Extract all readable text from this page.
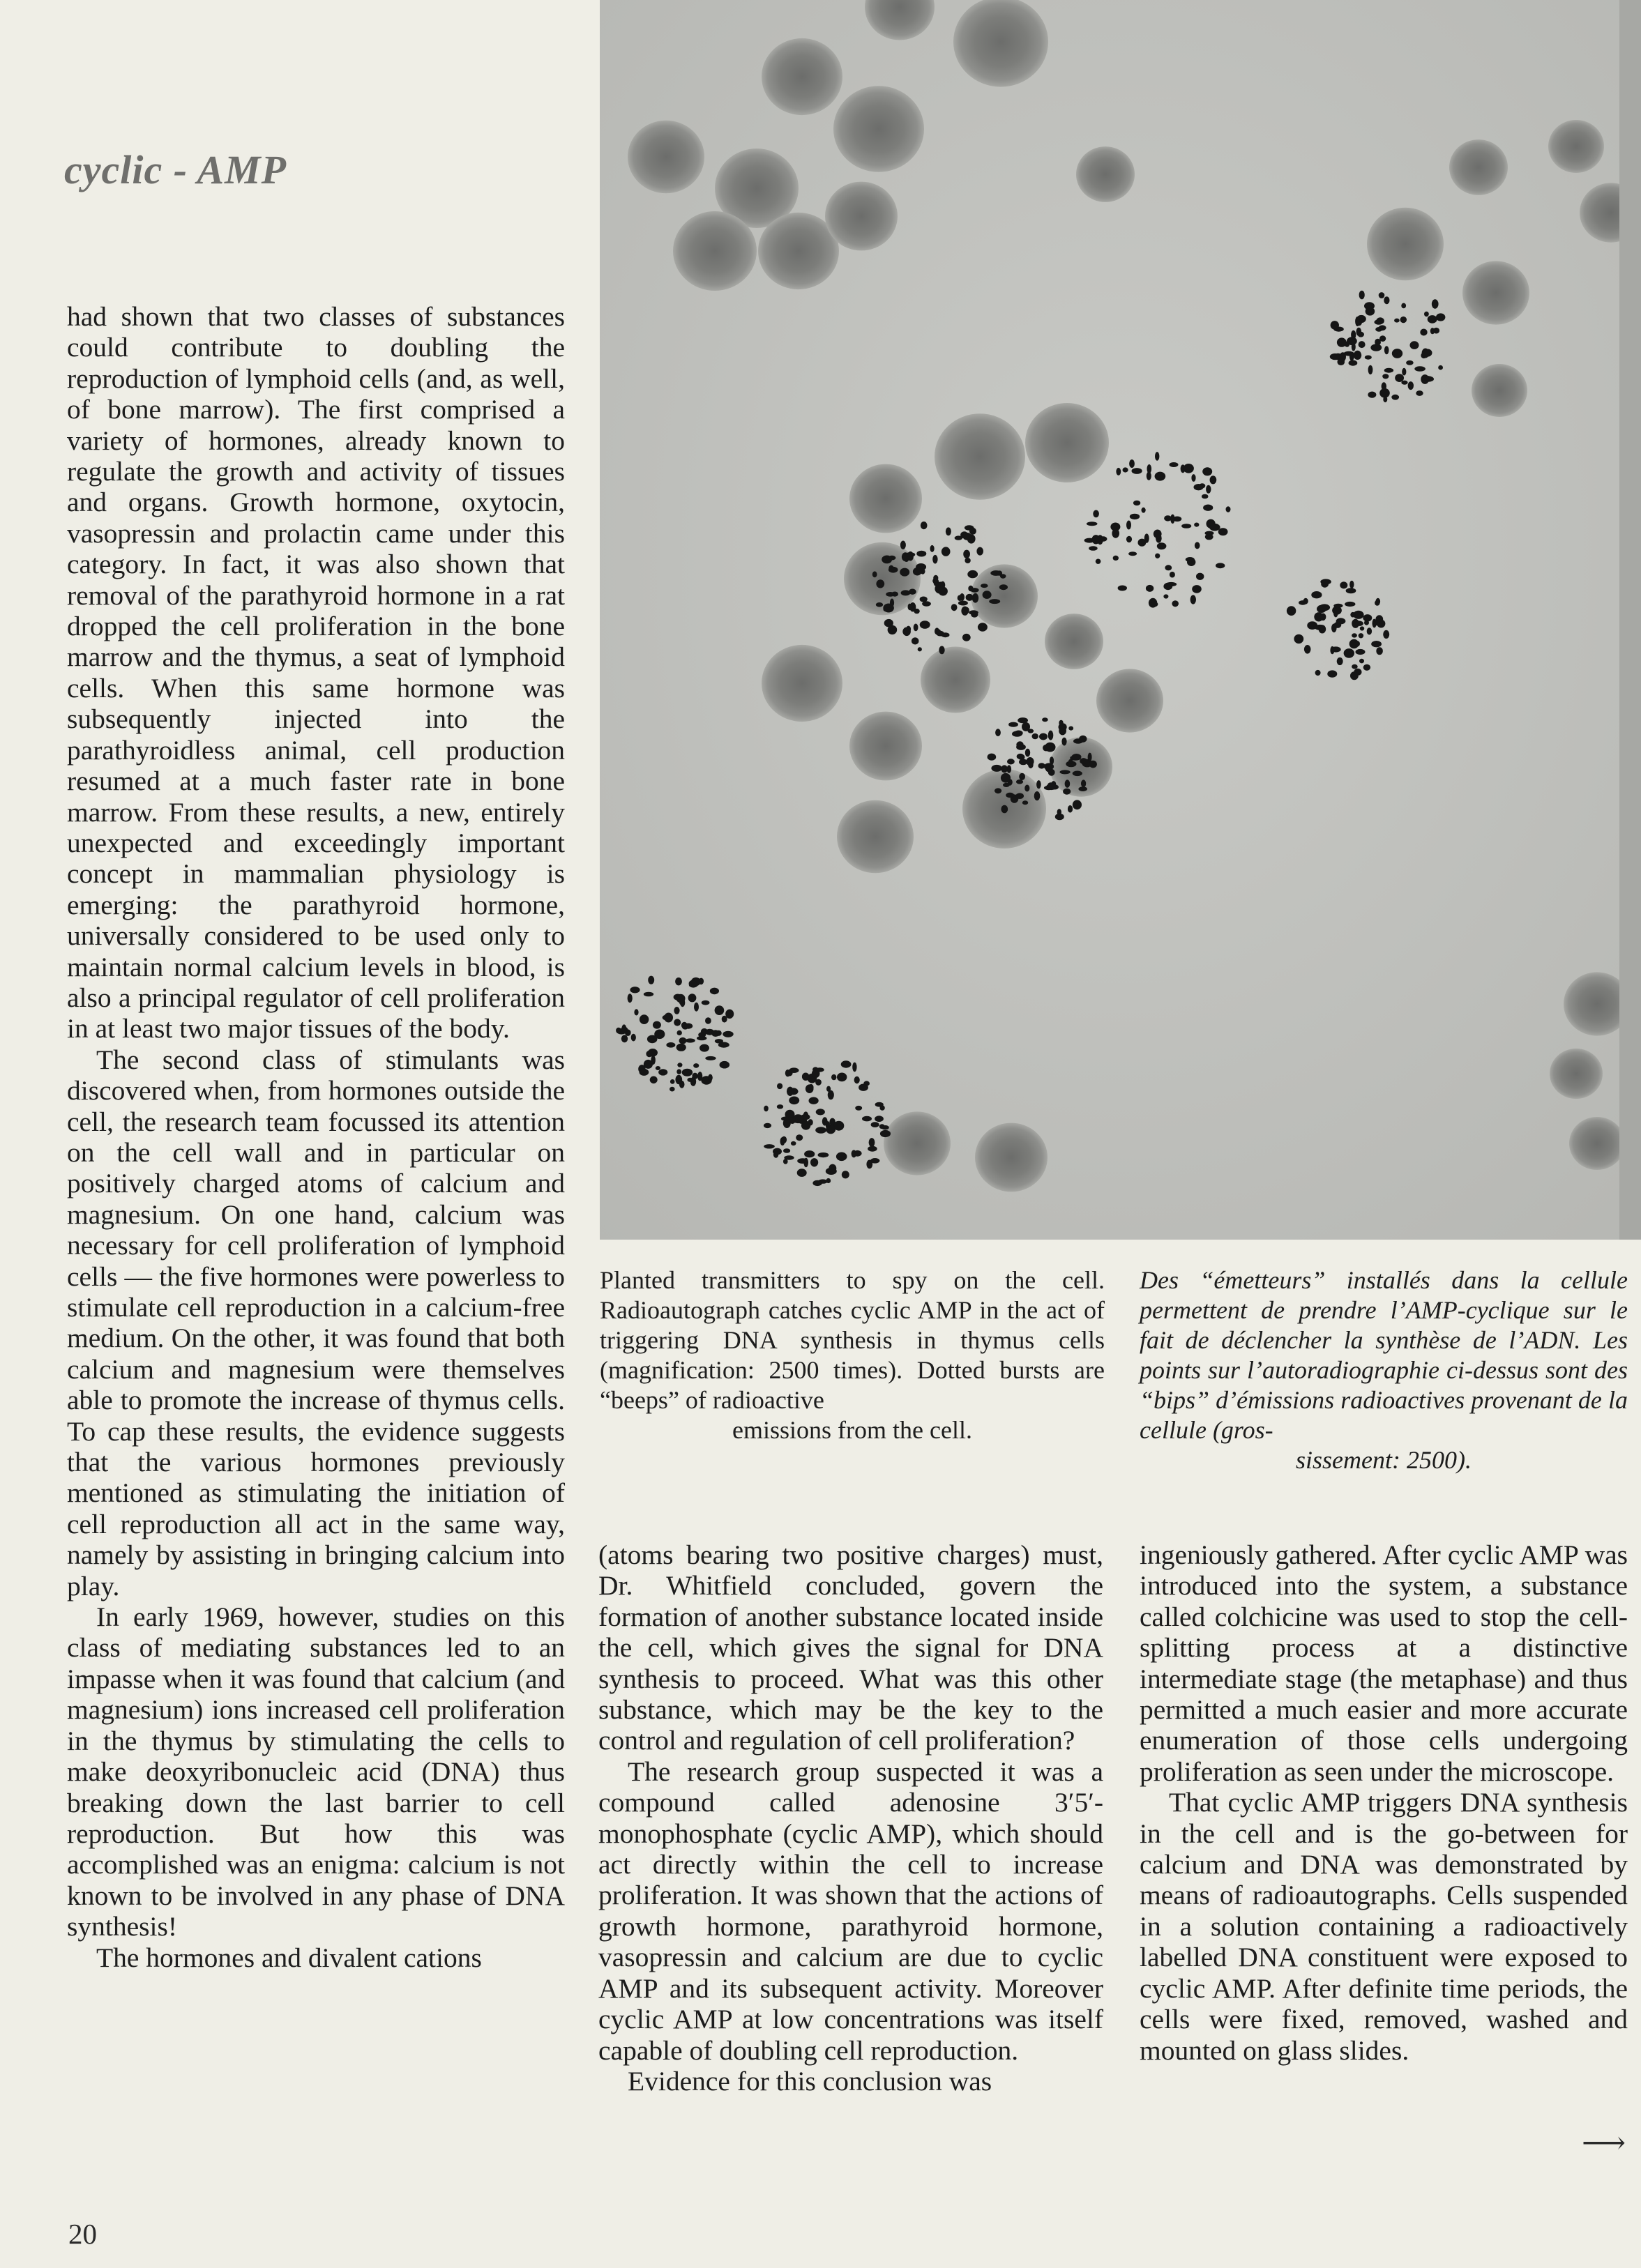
cyclic - AMP

had shown that two classes of substances could contribute to doubling the reproduction of lymphoid cells (and, as well, of bone marrow). The first comprised a variety of hormones, already known to regulate the growth and activity of tissues and organs. Growth hormone, oxytocin, vasopressin and prolactin came under this category. In fact, it was also shown that removal of the parathyroid hormone in a rat dropped the cell proliferation in the bone marrow and the thymus, a seat of lymphoid cells. When this same hormone was subsequently injected into the parathyroidless animal, cell production resumed at a much faster rate in bone marrow. From these results, a new, entirely unexpected and exceedingly important concept in mammalian physiology is emerging: the parathyroid hormone, universally considered to be used only to maintain normal calcium levels in blood, is also a principal regulator of cell proliferation in at least two major tissues of the body.

The second class of stimulants was discovered when, from hormones outside the cell, the research team focussed its attention on the cell wall and in particular on positively charged atoms of calcium and magnesium. On one hand, calcium was necessary for cell proliferation of lymphoid cells — the five hormones were powerless to stimulate cell reproduction in a calcium-free medium. On the other, it was found that both calcium and magnesium were themselves able to promote the increase of thymus cells. To cap these results, the evidence suggests that the various hormones previously mentioned as stimulating the initiation of cell reproduction all act in the same way, namely by assisting in bringing calcium into play.

In early 1969, however, studies on this class of mediating substances led to an impasse when it was found that calcium (and magnesium) ions increased cell proliferation in the thymus by stimulating the cells to make deoxyribonucleic acid (DNA) thus breaking down the last barrier to cell reproduction. But how this was accomplished was an enigma: calcium is not known to be involved in any phase of DNA synthesis!

The hormones and divalent cations

Planted transmitters to spy on the cell. Radioautograph catches cyclic AMP in the act of triggering DNA synthesis in thymus cells (magnification: 2500 times). Dotted bursts are “beeps” of radioactive

emissions from the cell.

Des “émetteurs” installés dans la cellule permettent de prendre l’AMP-cyclique sur le fait de déclencher la synthèse de l’ADN. Les points sur l’autoradiographie ci-dessus sont des “bips” d’émissions radioactives provenant de la cellule (gros-

sissement: 2500).

(atoms bearing two positive charges) must, Dr. Whitfield concluded, govern the formation of another substance located inside the cell, which gives the signal for DNA synthesis to proceed. What was this other substance, which may be the key to the control and regulation of cell proliferation?

The research group suspected it was a compound called adenosine 3′5′-monophosphate (cyclic AMP), which should act directly within the cell to increase proliferation. It was shown that the actions of growth hormone, parathyroid hormone, vasopressin and calcium are due to cyclic AMP and its subsequent activity. Moreover cyclic AMP at low concentrations was itself capable of doubling cell reproduction.

Evidence for this conclusion was

ingeniously gathered. After cyclic AMP was introduced into the system, a substance called colchicine was used to stop the cell-splitting process at a distinctive intermediate stage (the metaphase) and thus permitted a much easier and more accurate enumeration of those cells undergoing proliferation as seen under the microscope.

That cyclic AMP triggers DNA synthesis in the cell and is the go-between for calcium and DNA was demonstrated by means of radioautographs. Cells suspended in a solution containing a radioactively labelled DNA constituent were exposed to cyclic AMP. After definite time periods, the cells were fixed, removed, washed and mounted on glass slides.

⟶
20
